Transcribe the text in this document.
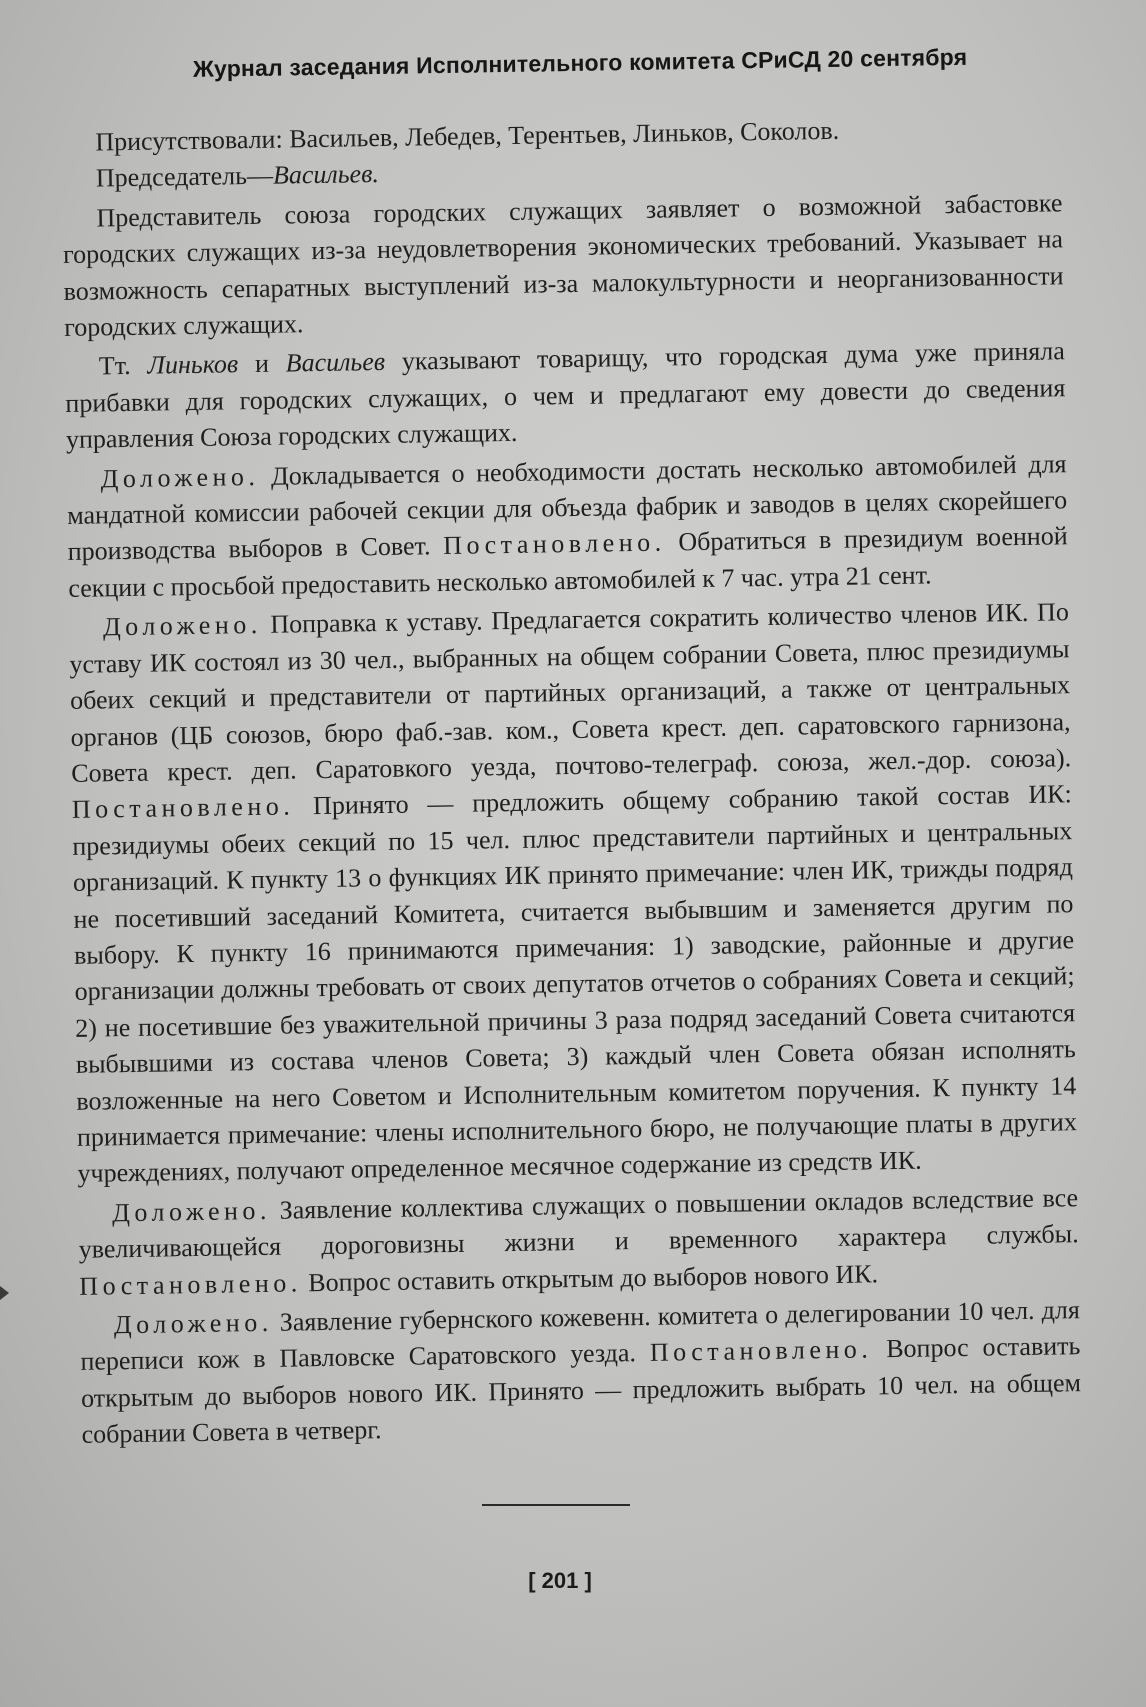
Журнал заседания Исполнительного комитета СРиСД 20 сентября

Присутствовали: Васильев, Лебедев, Терентьев, Линьков, Соколов.

Председатель—Васильев.

Представитель союза городских служащих заявляет о возможной забастовке городских служащих из-за неудовлетворения экономических требований. Указывает на возможность сепаратных выступлений из-за малокультурности и неорганизованности городских служащих.

Тт. Линьков и Васильев указывают товарищу, что городская дума уже приняла прибавки для городских служащих, о чем и предлагают ему довести до сведения управления Союза городских служащих.

Доложено. Докладывается о необходимости достать несколько автомобилей для мандатной комиссии рабочей секции для объезда фабрик и заводов в целях скорейшего производства выборов в Совет. Постановлено. Обратиться в президиум военной секции с просьбой предоставить несколько автомобилей к 7 час. утра 21 сент.

Доложено. Поправка к уставу. Предлагается сократить количество членов ИК. По уставу ИК состоял из 30 чел., выбранных на общем собрании Совета, плюс президиумы обеих секций и представители от партийных организаций, а также от центральных органов (ЦБ союзов, бюро фаб.-зав. ком., Совета крест. деп. саратовского гарнизона, Совета крест. деп. Саратовкого уезда, почтово-телеграф. союза, жел.-дор. союза). Постановлено. Принято — предложить общему собранию такой состав ИК: президиумы обеих секций по 15 чел. плюс представители партийных и центральных организаций. К пункту 13 о функциях ИК принято примечание: член ИК, трижды подряд не посетивший заседаний Комитета, считается выбывшим и заменяется другим по выбору. К пункту 16 принимаются примечания: 1) заводские, районные и другие организации должны требовать от своих депутатов отчетов о собраниях Совета и секций; 2) не посетившие без уважительной причины 3 раза подряд заседаний Совета считаются выбывшими из состава членов Совета; 3) каждый член Совета обязан исполнять возложенные на него Советом и Исполнительным комитетом поручения. К пункту 14 принимается примечание: члены исполнительного бюро, не получающие платы в других учреждениях, получают определенное месячное содержание из средств ИК.

Доложено. Заявление коллектива служащих о повышении окладов вследствие все увеличивающейся дороговизны жизни и временного характера службы. Постановлено. Вопрос оставить открытым до выборов нового ИК.

Доложено. Заявление губернского кожевенн. комитета о делегировании 10 чел. для переписи кож в Павловске Саратовского уезда. Постановлено. Вопрос оставить открытым до выборов нового ИК. Принято — предложить выбрать 10 чел. на общем собрании Совета в четверг.

[ 201 ]
